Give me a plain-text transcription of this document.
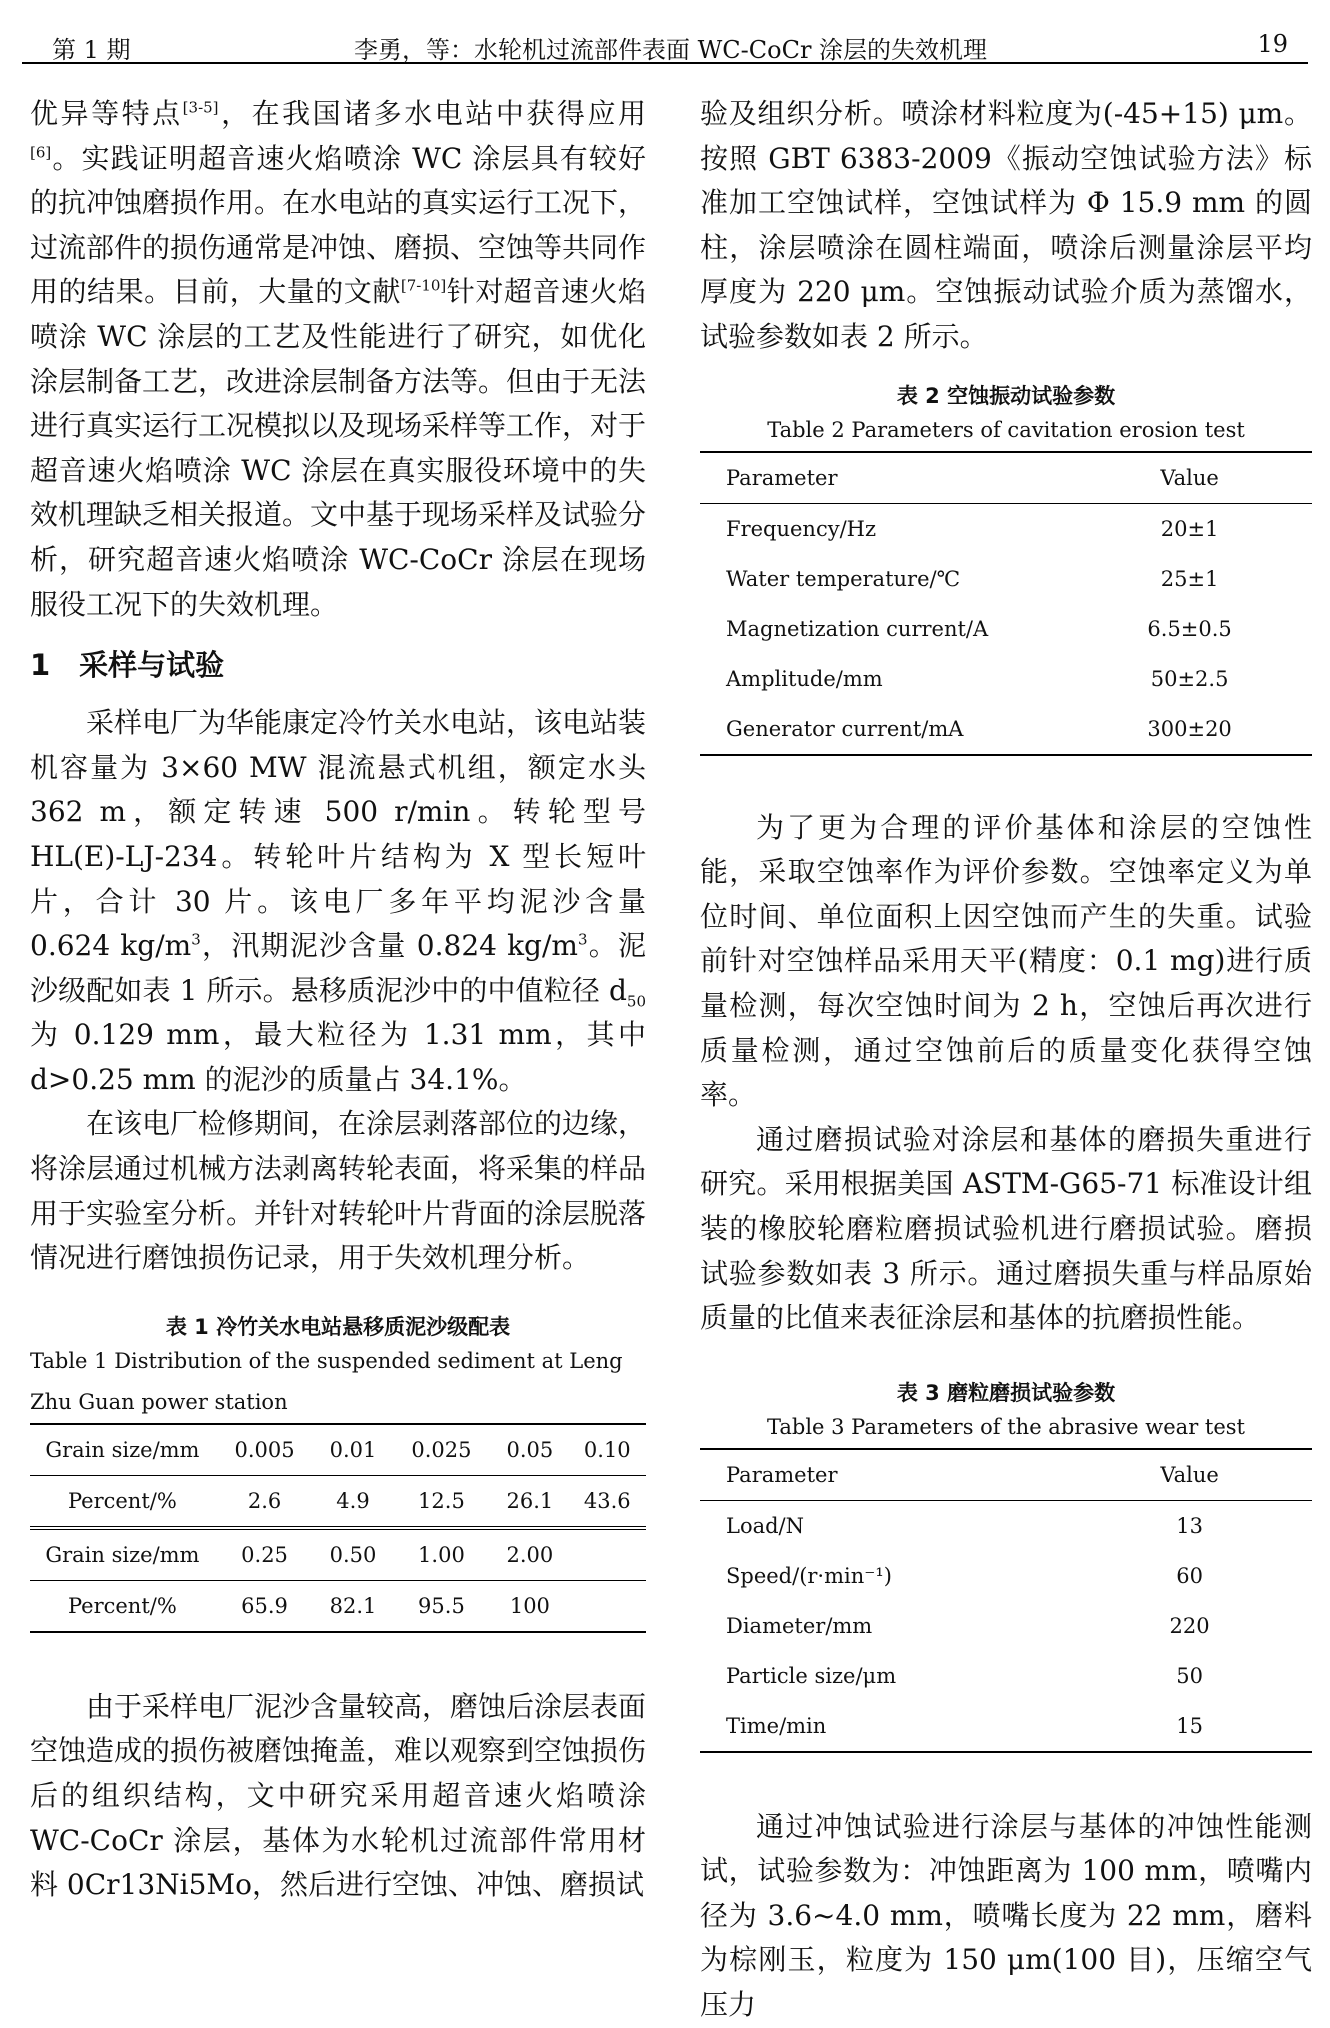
第 1 期	李勇，等：水轮机过流部件表面 WC-CoCr 涂层的失效机理	19

优异等特点[3-5]，在我国诸多水电站中获得应用[6]。实践证明超音速火焰喷涂 WC 涂层具有较好的抗冲蚀磨损作用。在水电站的真实运行工况下，过流部件的损伤通常是冲蚀、磨损、空蚀等共同作用的结果。目前，大量的文献[7-10]针对超音速火焰喷涂 WC 涂层的工艺及性能进行了研究，如优化涂层制备工艺，改进涂层制备方法等。但由于无法进行真实运行工况模拟以及现场采样等工作，对于超音速火焰喷涂 WC 涂层在真实服役环境中的失效机理缺乏相关报道。文中基于现场采样及试验分析，研究超音速火焰喷涂 WC-CoCr 涂层在现场服役工况下的失效机理。

1　采样与试验

采样电厂为华能康定冷竹关水电站，该电站装机容量为 3×60 MW 混流悬式机组，额定水头 362 m，额定转速 500 r/min。转轮型号 HL(E)-LJ-234。转轮叶片结构为 X 型长短叶片，合计 30 片。该电厂多年平均泥沙含量 0.624 $kg/m^3$，汛期泥沙含量 0.824 $kg/m^3$。泥沙级配如表 1 所示。悬移质泥沙中的中值粒径 $d_{50}$为 0.129 mm，最大粒径为 1.31 mm，其中 d>0.25 mm 的泥沙的质量占 34.1%。

在该电厂检修期间，在涂层剥落部位的边缘，将涂层通过机械方法剥离转轮表面，将采集的样品用于实验室分析。并针对转轮叶片背面的涂层脱落情况进行磨蚀损伤记录，用于失效机理分析。

表 1 冷竹关水电站悬移质泥沙级配表
Table 1 Distribution of the suspended sediment at Leng Zhu Guan power station
Grain size/mm	0.005	0.01	0.025	0.05	0.10
Percent/%	2.6	4.9	12.5	26.1	43.6
Grain size/mm	0.25	0.50	1.00	2.00	
Percent/%	65.9	82.1	95.5	100	

由于采样电厂泥沙含量较高，磨蚀后涂层表面空蚀造成的损伤被磨蚀掩盖，难以观察到空蚀损伤后的组织结构，文中研究采用超音速火焰喷涂 WC-CoCr 涂层，基体为水轮机过流部件常用材料 0Cr13Ni5Mo，然后进行空蚀、冲蚀、磨损试

验及组织分析。喷涂材料粒度为(-45+15) μm。按照 GBT 6383-2009《振动空蚀试验方法》标准加工空蚀试样，空蚀试样为 Φ 15.9 mm 的圆柱，涂层喷涂在圆柱端面，喷涂后测量涂层平均厚度为 220 μm。空蚀振动试验介质为蒸馏水，试验参数如表 2 所示。

表 2 空蚀振动试验参数
Table 2 Parameters of cavitation erosion test
Parameter	Value
Frequency/Hz	20±1
Water temperature/℃	25±1
Magnetization current/A	6.5±0.5
Amplitude/mm	50±2.5
Generator current/mA	300±20

为了更为合理的评价基体和涂层的空蚀性能，采取空蚀率作为评价参数。空蚀率定义为单位时间、单位面积上因空蚀而产生的失重。试验前针对空蚀样品采用天平(精度：0.1 mg)进行质量检测，每次空蚀时间为 2 h，空蚀后再次进行质量检测，通过空蚀前后的质量变化获得空蚀率。

通过磨损试验对涂层和基体的磨损失重进行研究。采用根据美国 ASTM-G65-71 标准设计组装的橡胶轮磨粒磨损试验机进行磨损试验。磨损试验参数如表 3 所示。通过磨损失重与样品原始质量的比值来表征涂层和基体的抗磨损性能。

表 3 磨粒磨损试验参数
Table 3 Parameters of the abrasive wear test
Parameter	Value
Load/N	13
Speed/(r·min⁻¹)	60
Diameter/mm	220
Particle size/μm	50
Time/min	15

通过冲蚀试验进行涂层与基体的冲蚀性能测试，试验参数为：冲蚀距离为 100 mm，喷嘴内径为 3.6~4.0 mm，喷嘴长度为 22 mm，磨料为棕刚玉，粒度为 150 μm(100 目)，压缩空气压力
